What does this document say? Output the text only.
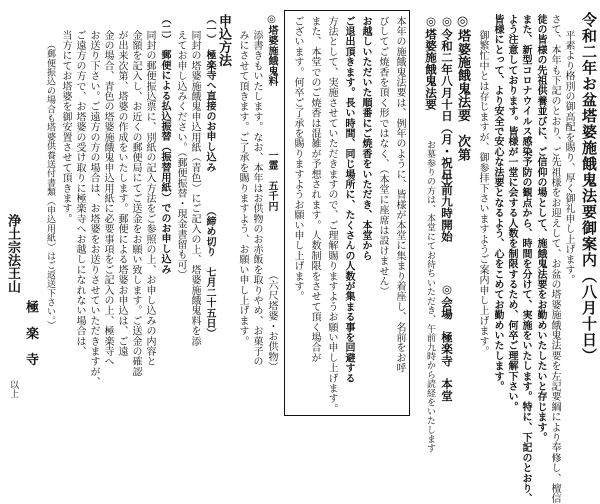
令和二年お盆塔婆施餓鬼法要御案内（八月十日）
平素より格別の御高配を賜り、厚く御礼申し上げます。
さて、本年も下記のとおり、ご先祖様をお迎えして、お盆の塔婆施餓鬼法要を左記要綱により奉修し、檀信
徒の皆様の先祖供養並びに、ご信仰の場として、施餓鬼法要をお勤めいたしたいと存じます。
また、新型コロナウイルス感染予防の観点から、時間を分けて、実施をいたします。特に、下記のとおり、
よう注意しております。皆様が一堂に会する人数を制限するため、何卒ご理解下さい。
皆様にとって、より安全で安心な法要となるよう、心をこめてお勤めいたします。
御繁忙中とは存じますが、御参拝下さいますようご案内申し上げます。
◎塔婆施餓鬼法要　次第
◎令和二年八月十日（月・祝日）
午前九時開始
◎会場　極楽寺　本堂
◎塔婆施餓鬼法要
お墓参りの方は、本堂にてお待ちいただき、午前九時から読経をいたします
本年の施餓鬼法要は、例年のように、皆様が本堂に集まり着座し、名前をお呼
びしてご焼香を頂く形ではなく、（本堂に座席は設けません）
お越しいただいた順番にご焼香をいただき、本堂から
ご退出頂きます。長い時間、同じ場所に、たくさんの人数が集まる事を回避する
方法として、実施させていただきますので、ご理解賜りますようお願い申し上げます。
また、本堂でのご焼香は混雑が予想されます。人数制限をさせて頂く場合が
ございます。何卒ご了承を賜りますようお願い申し上げます。
◎塔婆施餓鬼料
一霊　五千円
（六尺塔婆・お供物）
添書きもいたします。なお、本年はお供物のお赤飯を取りやめ、お菓子の
みにさせて頂きます。ご了承を賜りますよう、お願い申し上げます。
申込方法
（一）　極楽寺へ直接のお申し込み
（締め切り　七月二十五日）
同封の塔婆施餓鬼申込用紙（青色）にご記入の上、塔婆施餓鬼料を添
えてお申し込みください。（郵便振替・現金書留も可）
（二）　郵便による払込振替（振替用紙）でのお申し込み
同封の郵便振込票に、別紙の記入方法をご参照の上、お申し込みの内容と
金額を記入し、お近くの郵便局にてご送金をお願い致します。ご送金の確認
が出来次第、塔婆の作成をいたします。郵便による塔婆お申込は、ご遠
金の場合、青色の塔婆施餓鬼申込用紙に必要事項をご記入の上、極楽寺へ
お送り下さい。ご遠方の方の場合は、お塔婆をお送りさせていただきますが、
ご遠方の方で、お塔婆の受け取りに極楽寺へお越しになれない場合は、
当方にてお塔婆を御安置させて頂きます。
（郵便振込の場合も塔婆供養送付書類（申込用紙）はご返送下さい。）
浄土宗法王山
極　楽　寺
以上
